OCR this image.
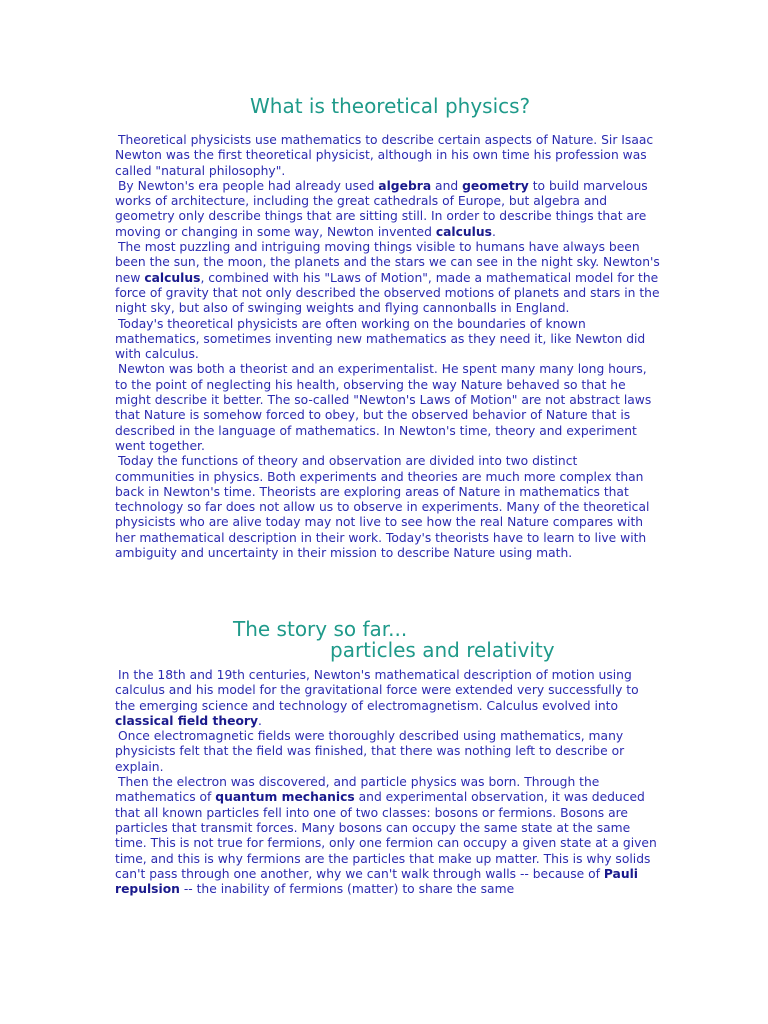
What is theoretical physics?

Theoretical physicists use mathematics to describe certain aspects of Nature. Sir Isaac Newton was the first theoretical physicist, although in his own time his profession was called "natural philosophy".

By Newton's era people had already used algebra and geometry to build marvelous works of architecture, including the great cathedrals of Europe, but algebra and geometry only describe things that are sitting still. In order to describe things that are moving or changing in some way, Newton invented calculus.

The most puzzling and intriguing moving things visible to humans have always been been the sun, the moon, the planets and the stars we can see in the night sky. Newton's new calculus, combined with his "Laws of Motion", made a mathematical model for the force of gravity that not only described the observed motions of planets and stars in the night sky, but also of swinging weights and flying cannonballs in England.

Today's theoretical physicists are often working on the boundaries of known mathematics, sometimes inventing new mathematics as they need it, like Newton did with calculus.

Newton was both a theorist and an experimentalist. He spent many many long hours, to the point of neglecting his health, observing the way Nature behaved so that he might describe it better. The so-called "Newton's Laws of Motion" are not abstract laws that Nature is somehow forced to obey, but the observed behavior of Nature that is described in the language of mathematics. In Newton's time, theory and experiment went together.

Today the functions of theory and observation are divided into two distinct communities in physics. Both experiments and theories are much more complex than back in Newton's time. Theorists are exploring areas of Nature in mathematics that technology so far does not allow us to observe in experiments. Many of the theoretical physicists who are alive today may not live to see how the real Nature compares with her mathematical description in their work. Today's theorists have to learn to live with ambiguity and uncertainty in their mission to describe Nature using math.

The story so far...
particles and relativity

In the 18th and 19th centuries, Newton's mathematical description of motion using calculus and his model for the gravitational force were extended very successfully to the emerging science and technology of electromagnetism. Calculus evolved into classical field theory.

Once electromagnetic fields were thoroughly described using mathematics, many physicists felt that the field was finished, that there was nothing left to describe or explain.

Then the electron was discovered, and particle physics was born. Through the mathematics of quantum mechanics and experimental observation, it was deduced that all known particles fell into one of two classes: bosons or fermions. Bosons are particles that transmit forces. Many bosons can occupy the same state at the same time. This is not true for fermions, only one fermion can occupy a given state at a given time, and this is why fermions are the particles that make up matter. This is why solids can't pass through one another, why we can't walk through walls -- because of Pauli repulsion -- the inability of fermions (matter) to share the same
